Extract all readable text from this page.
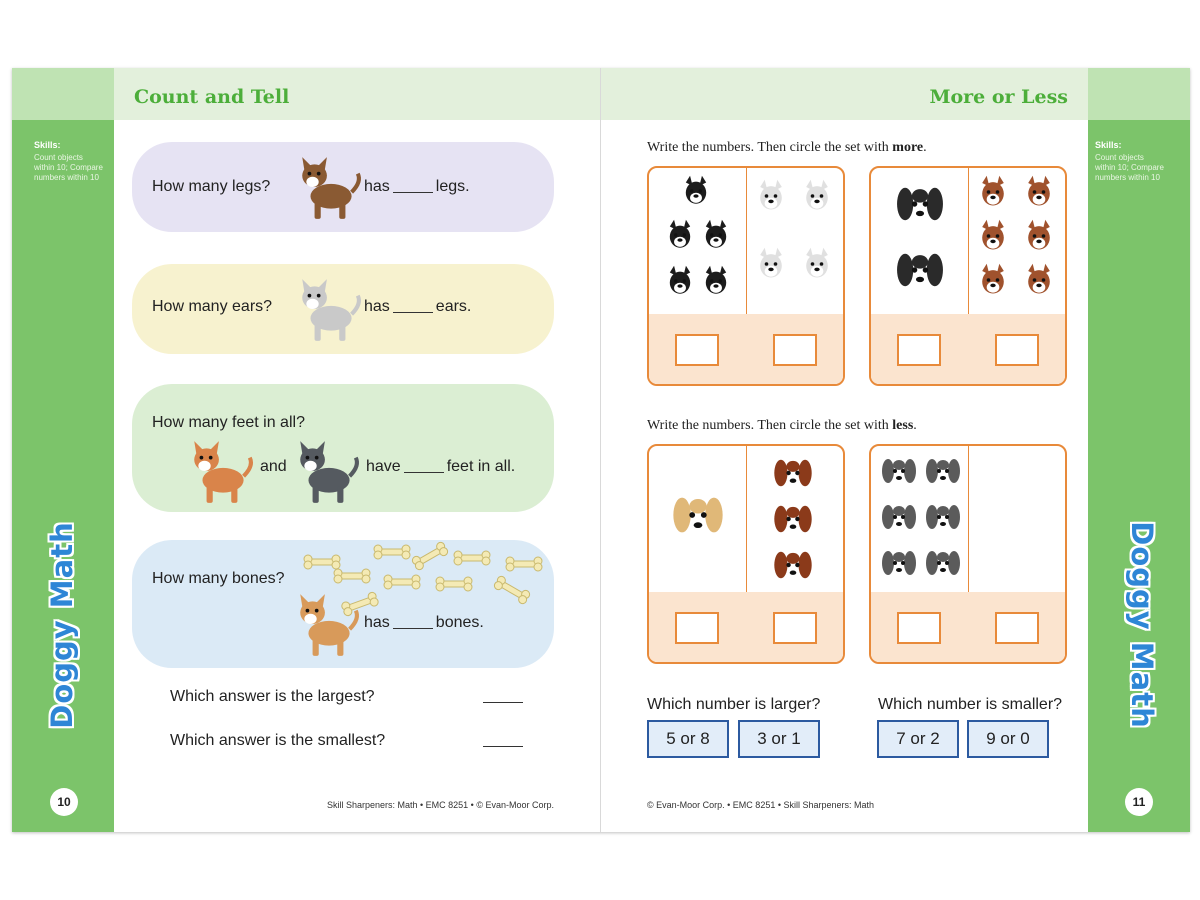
Skills:
Count objects within 10; Compare numbers within 10
Doggy Math
10
Count and Tell
How many legs?	has	legs.
How many ears?	has	ears.
How many feet in all?
and	have	feet in all.
How many bones?
has	bones.
Which answer is the largest?
Which answer is the smallest?
Skill Sharpeners: Math • EMC 8251 • © Evan-Moor Corp.
More or Less
Write the numbers. Then circle the set with more.
Write the numbers. Then circle the set with less.
Which number is larger?	Which number is smaller?
5 or 8	3 or 1	7 or 2	9 or 0
© Evan-Moor Corp. • EMC 8251 • Skill Sharpeners: Math
Skills:
Count objects within 10; Compare numbers within 10
Doggy Math
11
